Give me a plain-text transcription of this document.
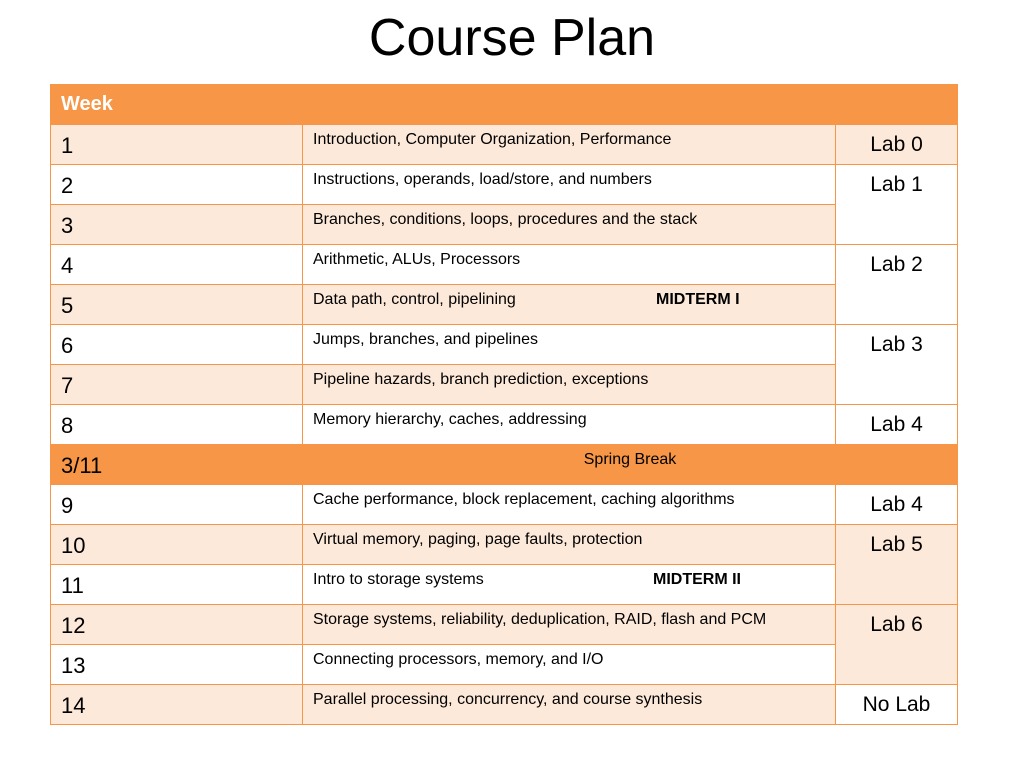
Course Plan
Week		
1	Introduction, Computer Organization, Performance	Lab 0
2	Instructions, operands, load/store, and numbers	Lab 1
3	Branches, conditions, loops, procedures and the stack	
4	Arithmetic, ALUs, Processors	Lab 2
5	Data path, control, pipelining MIDTERM I	

6	Jumps, branches, and pipelines	Lab 3
7	Pipeline hazards, branch prediction, exceptions	
8	Memory hierarchy, caches, addressing	Lab 4
3/11	Spring Break	
9	Cache performance, block replacement, caching algorithms	Lab 4
10	Virtual memory, paging, page faults, protection	Lab 5
11	Intro to storage systems MIDTERM II	

12	Storage systems, reliability, deduplication, RAID, flash and PCM	Lab 6
13	Connecting processors, memory, and I/O	
14	Parallel processing, concurrency, and course synthesis	No Lab
